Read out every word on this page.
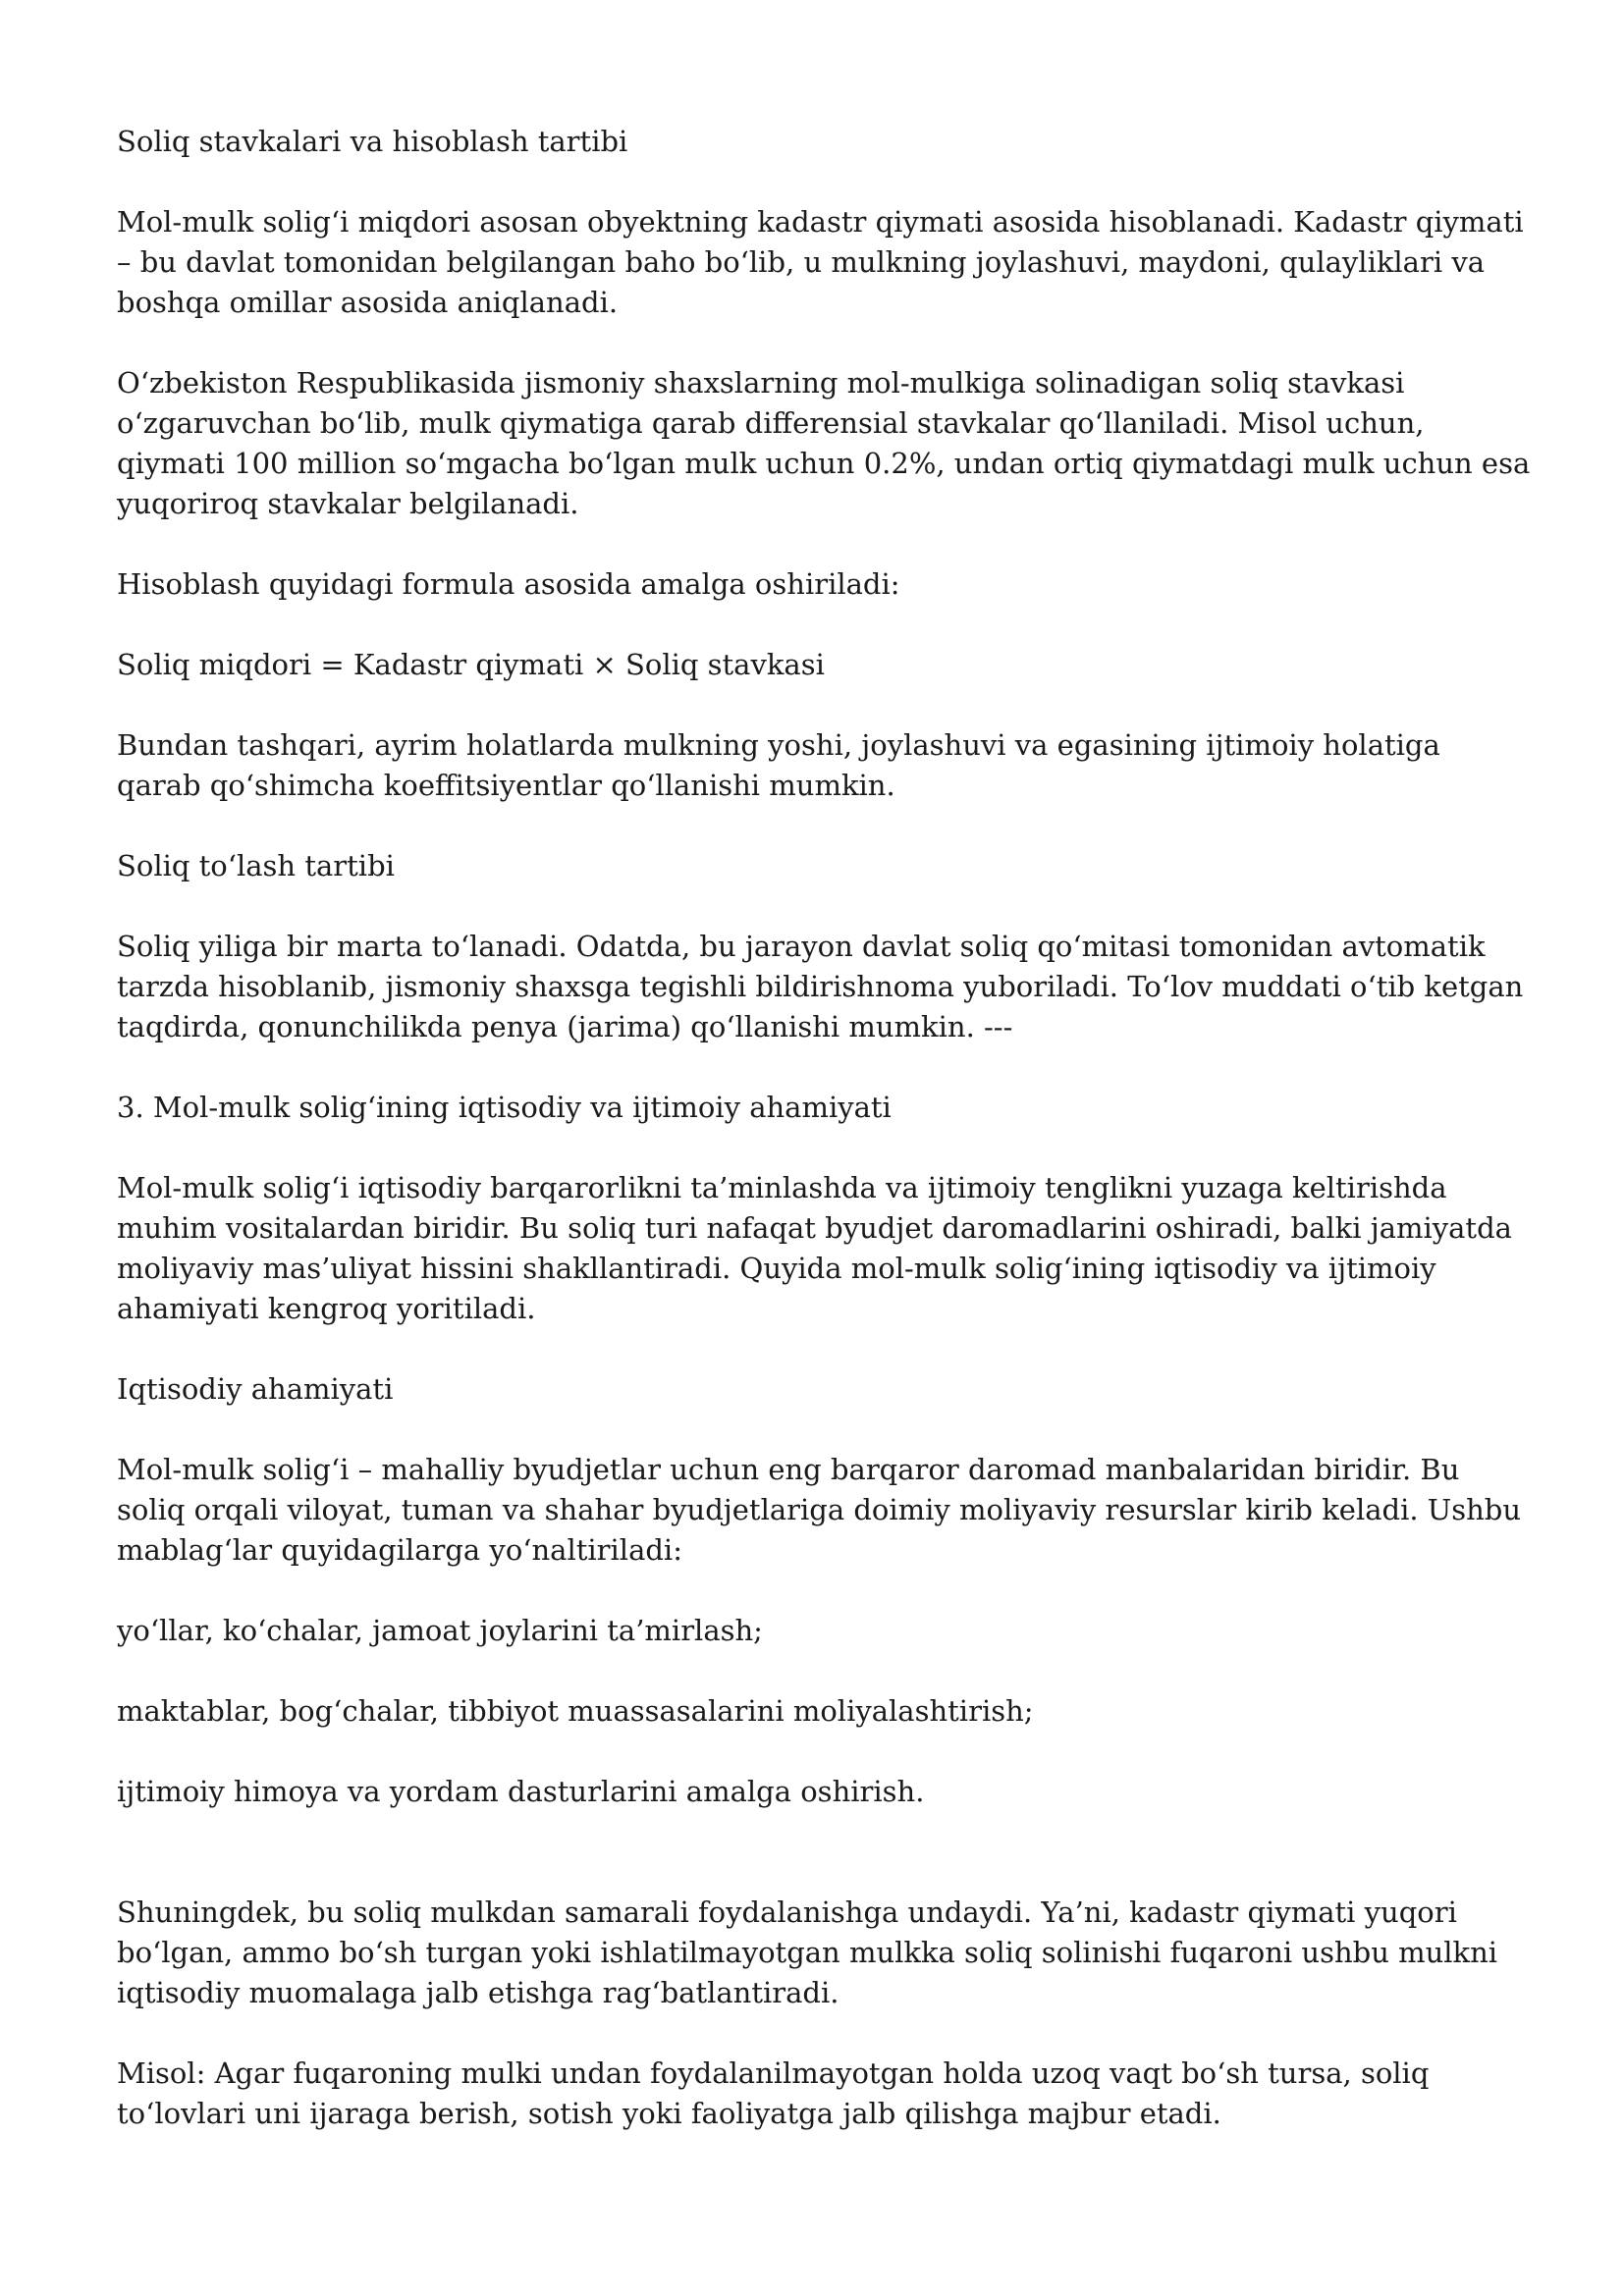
Soliq stavkalari va hisoblash tartibi

Mol-mulk solig‘i miqdori asosan obyektning kadastr qiymati asosida hisoblanadi. Kadastr qiymati – bu davlat tomonidan belgilangan baho bo‘lib, u mulkning joylashuvi, maydoni, qulayliklari va boshqa omillar asosida aniqlanadi.

O‘zbekiston Respublikasida jismoniy shaxslarning mol-mulkiga solinadigan soliq stavkasi o‘zgaruvchan bo‘lib, mulk qiymatiga qarab differensial stavkalar qo‘llaniladi. Misol uchun, qiymati 100 million so‘mgacha bo‘lgan mulk uchun 0.2%, undan ortiq qiymatdagi mulk uchun esa yuqoriroq stavkalar belgilanadi.

Hisoblash quyidagi formula asosida amalga oshiriladi:

Soliq miqdori = Kadastr qiymati × Soliq stavkasi

Bundan tashqari, ayrim holatlarda mulkning yoshi, joylashuvi va egasining ijtimoiy holatiga qarab qo‘shimcha koeffitsiyentlar qo‘llanishi mumkin.

Soliq to‘lash tartibi

Soliq yiliga bir marta to‘lanadi. Odatda, bu jarayon davlat soliq qo‘mitasi tomonidan avtomatik tarzda hisoblanib, jismoniy shaxsga tegishli bildirishnoma yuboriladi. To‘lov muddati o‘tib ketgan taqdirda, qonunchilikda penya (jarima) qo‘llanishi mumkin. ---

3. Mol-mulk solig‘ining iqtisodiy va ijtimoiy ahamiyati

Mol-mulk solig‘i iqtisodiy barqarorlikni ta’minlashda va ijtimoiy tenglikni yuzaga keltirishda muhim vositalardan biridir. Bu soliq turi nafaqat byudjet daromadlarini oshiradi, balki jamiyatda moliyaviy mas’uliyat hissini shakllantiradi. Quyida mol-mulk solig‘ining iqtisodiy va ijtimoiy ahamiyati kengroq yoritiladi.

Iqtisodiy ahamiyati

Mol-mulk solig‘i – mahalliy byudjetlar uchun eng barqaror daromad manbalaridan biridir. Bu soliq orqali viloyat, tuman va shahar byudjetlariga doimiy moliyaviy resurslar kirib keladi. Ushbu mablag‘lar quyidagilarga yo‘naltiriladi:

yo‘llar, ko‘chalar, jamoat joylarini ta’mirlash;

maktablar, bog‘chalar, tibbiyot muassasalarini moliyalashtirish;

ijtimoiy himoya va yordam dasturlarini amalga oshirish.

Shuningdek, bu soliq mulkdan samarali foydalanishga undaydi. Ya’ni, kadastr qiymati yuqori bo‘lgan, ammo bo‘sh turgan yoki ishlatilmayotgan mulkka soliq solinishi fuqaroni ushbu mulkni iqtisodiy muomalaga jalb etishga rag‘batlantiradi.

Misol: Agar fuqaroning mulki undan foydalanilmayotgan holda uzoq vaqt bo‘sh tursa, soliq to‘lovlari uni ijaraga berish, sotish yoki faoliyatga jalb qilishga majbur etadi.
